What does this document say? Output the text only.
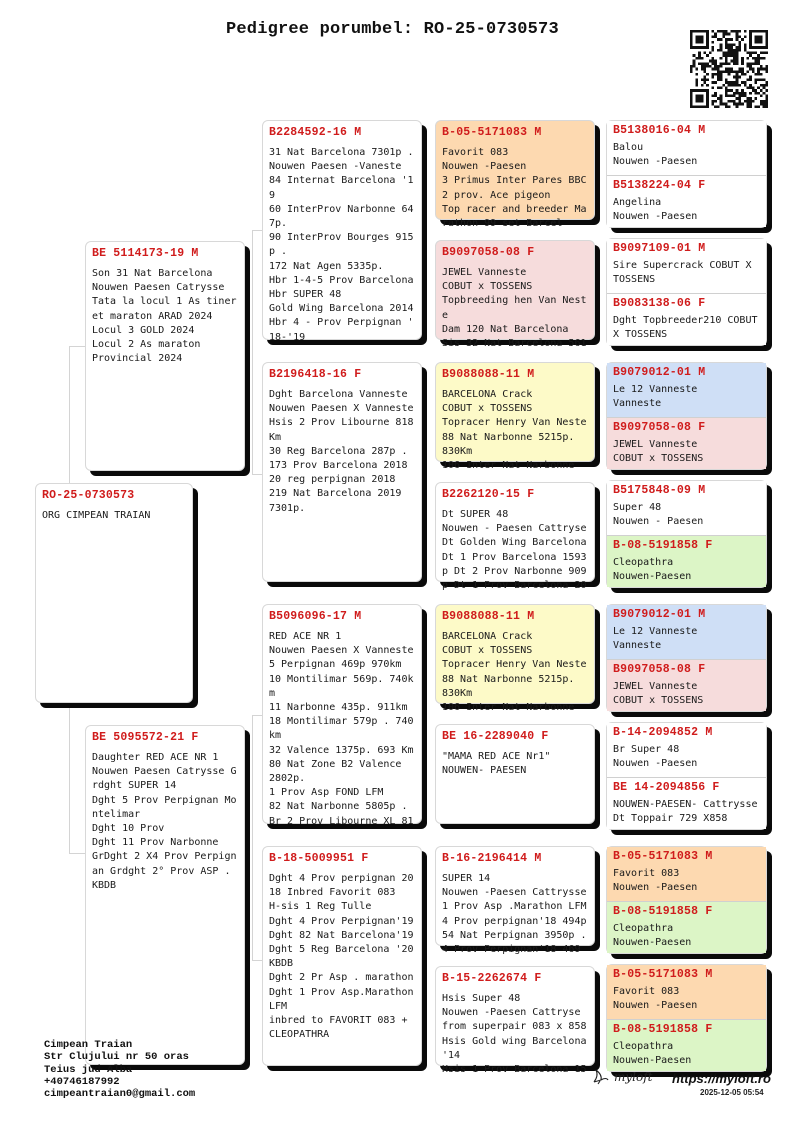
Pedigree porumbel: RO-25-0730573
RO-25-0730573
ORG CIMPEAN TRAIAN
BE 5114173-19 M
Son 31 Nat Barcelona
Nouwen Paesen Catrysse
Tata la locul 1 As tiner
et maraton ARAD 2024
Locul 3 GOLD 2024
Locul 2 As maraton
Provincial 2024
BE 5095572-21 F
Daughter RED ACE NR 1
Nouwen Paesen Catrysse G
rdght SUPER 14
Dght 5 Prov Perpignan Mo
ntelimar
Dght 10 Prov
Dght 11 Prov Narbonne
GrDght 2 X4 Prov Perpign
an Grdght 2° Prov ASP .
KBDB
B2284592-16 M
31 Nat Barcelona 7301p .
Nouwen Paesen -Vaneste
84 Internat Barcelona '1
9
60 InterProv Narbonne 64
7p.
90 InterProv Bourges 915
p .
172 Nat Agen 5335p.
Hbr 1-4-5 Prov Barcelona
Hbr SUPER 48
Gold Wing Barcelona 2014
Hbr 4 - Prov Perpignan '
18-'19
B2196418-16 F
Dght Barcelona Vanneste
Nouwen Paesen X Vanneste
Hsis 2 Prov Libourne 818
Km
30 Reg Barcelona 287p .
173 Prov Barcelona 2018
20 reg perpignan 2018
219 Nat Barcelona 2019
7301p.
B5096096-17 M
RED ACE NR 1
Nouwen Paesen X Vanneste
5 Perpignan 469p 970km
10 Montilimar 569p. 740k
m
11 Narbonne 435p. 911km
18 Montilimar 579p . 740
km
32 Valence 1375p. 693 Km
80 Nat Zone B2 Valence
2802p.
1 Prov Asp FOND LFM
82 Nat Narbonne 5805p .
Br 2 Prov Libourne XL 81
B-18-5009951 F
Dght 4 Prov perpignan 20
18 Inbred Favorit 083
H-sis 1 Reg Tulle
Dght 4 Prov Perpignan'19
Dght 82 Nat Barcelona'19
Dght 5 Reg Barcelona '20
KBDB
Dght 2 Pr Asp . marathon
Dght 1 Prov Asp.Marathon
LFM
inbred to FAVORIT 083 +
CLEOPATHRA
B-05-5171083 M
Favorit 083
Nouwen -Paesen
3 Primus Inter Pares BBC
2 prov. Ace pigeon
Top racer and breeder Ma
rathon 99 set Barcel
B9097058-08 F
JEWEL Vanneste
COBUT x TOSSENS
Topbreeding hen Van Nest
e
Dam 120 Nat Barcelona
Sis 32 Nat Barcelona 561
B9088088-11 M
BARCELONA Crack
COBUT x TOSSENS
Topracer Henry Van Neste
88 Nat Narbonne 5215p.
830Km
106 Inter Nat Narbonne
B2262120-15 F
Dt SUPER 48
Nouwen - Paesen Cattryse
Dt Golden Wing Barcelona
Dt 1 Prov Barcelona 1593
p Dt 2 Prov Narbonne 909
p Dt 1 Prov Barcelona 20
B9088088-11 M
BARCELONA Crack
COBUT x TOSSENS
Topracer Henry Van Neste
88 Nat Narbonne 5215p.
830Km
106 Inter Nat Narbonne
BE 16-2289040 F
"MAMA RED ACE Nr1"
NOUWEN- PAESEN
B-16-2196414 M
SUPER 14
Nouwen -Paesen Cattrysse
1 Prov Asp .Marathon LFM
4 Prov perpignan'18 494p
54 Nat Perpignan 3950p .
4 Prov Perpignan'18 469
B-15-2262674 F
Hsis Super 48
Nouwen -Paesen Cattryse
from superpair 083 x 858
Hsis Gold wing Barcelona
'14
Hsis 1 Prov Barcelona 15
B5138016-04 M
Balou
Nouwen -Paesen
B5138224-04 F
Angelina
Nouwen -Paesen
B9097109-01 M
Sire Supercrack COBUT X
TOSSENS
B9083138-06 F
Dght Topbreeder210 COBUT
X TOSSENS
B9079012-01 M
Le 12 Vanneste
Vanneste
B9097058-08 F
JEWEL Vanneste
COBUT x TOSSENS
B5175848-09 M
Super 48
Nouwen - Paesen
B-08-5191858 F
Cleopathra
Nouwen-Paesen
B9079012-01 M
Le 12 Vanneste
Vanneste
B9097058-08 F
JEWEL Vanneste
COBUT x TOSSENS
B-14-2094852 M
Br Super 48
Nouwen -Paesen
BE 14-2094856 F
NOUWEN-PAESEN- Cattrysse
Dt Toppair 729 X858
B-05-5171083 M
Favorit 083
Nouwen -Paesen
B-08-5191858 F
Cleopathra
Nouwen-Paesen
B-05-5171083 M
Favorit 083
Nouwen -Paesen
B-08-5191858 F
Cleopathra
Nouwen-Paesen
Cimpean Traian
Str Clujului nr 50 oras
Teius jud Alba
+40746187992
cimpeantraian0@gmail.com
myloft https://myloft.ro
2025-12-05 05:54
